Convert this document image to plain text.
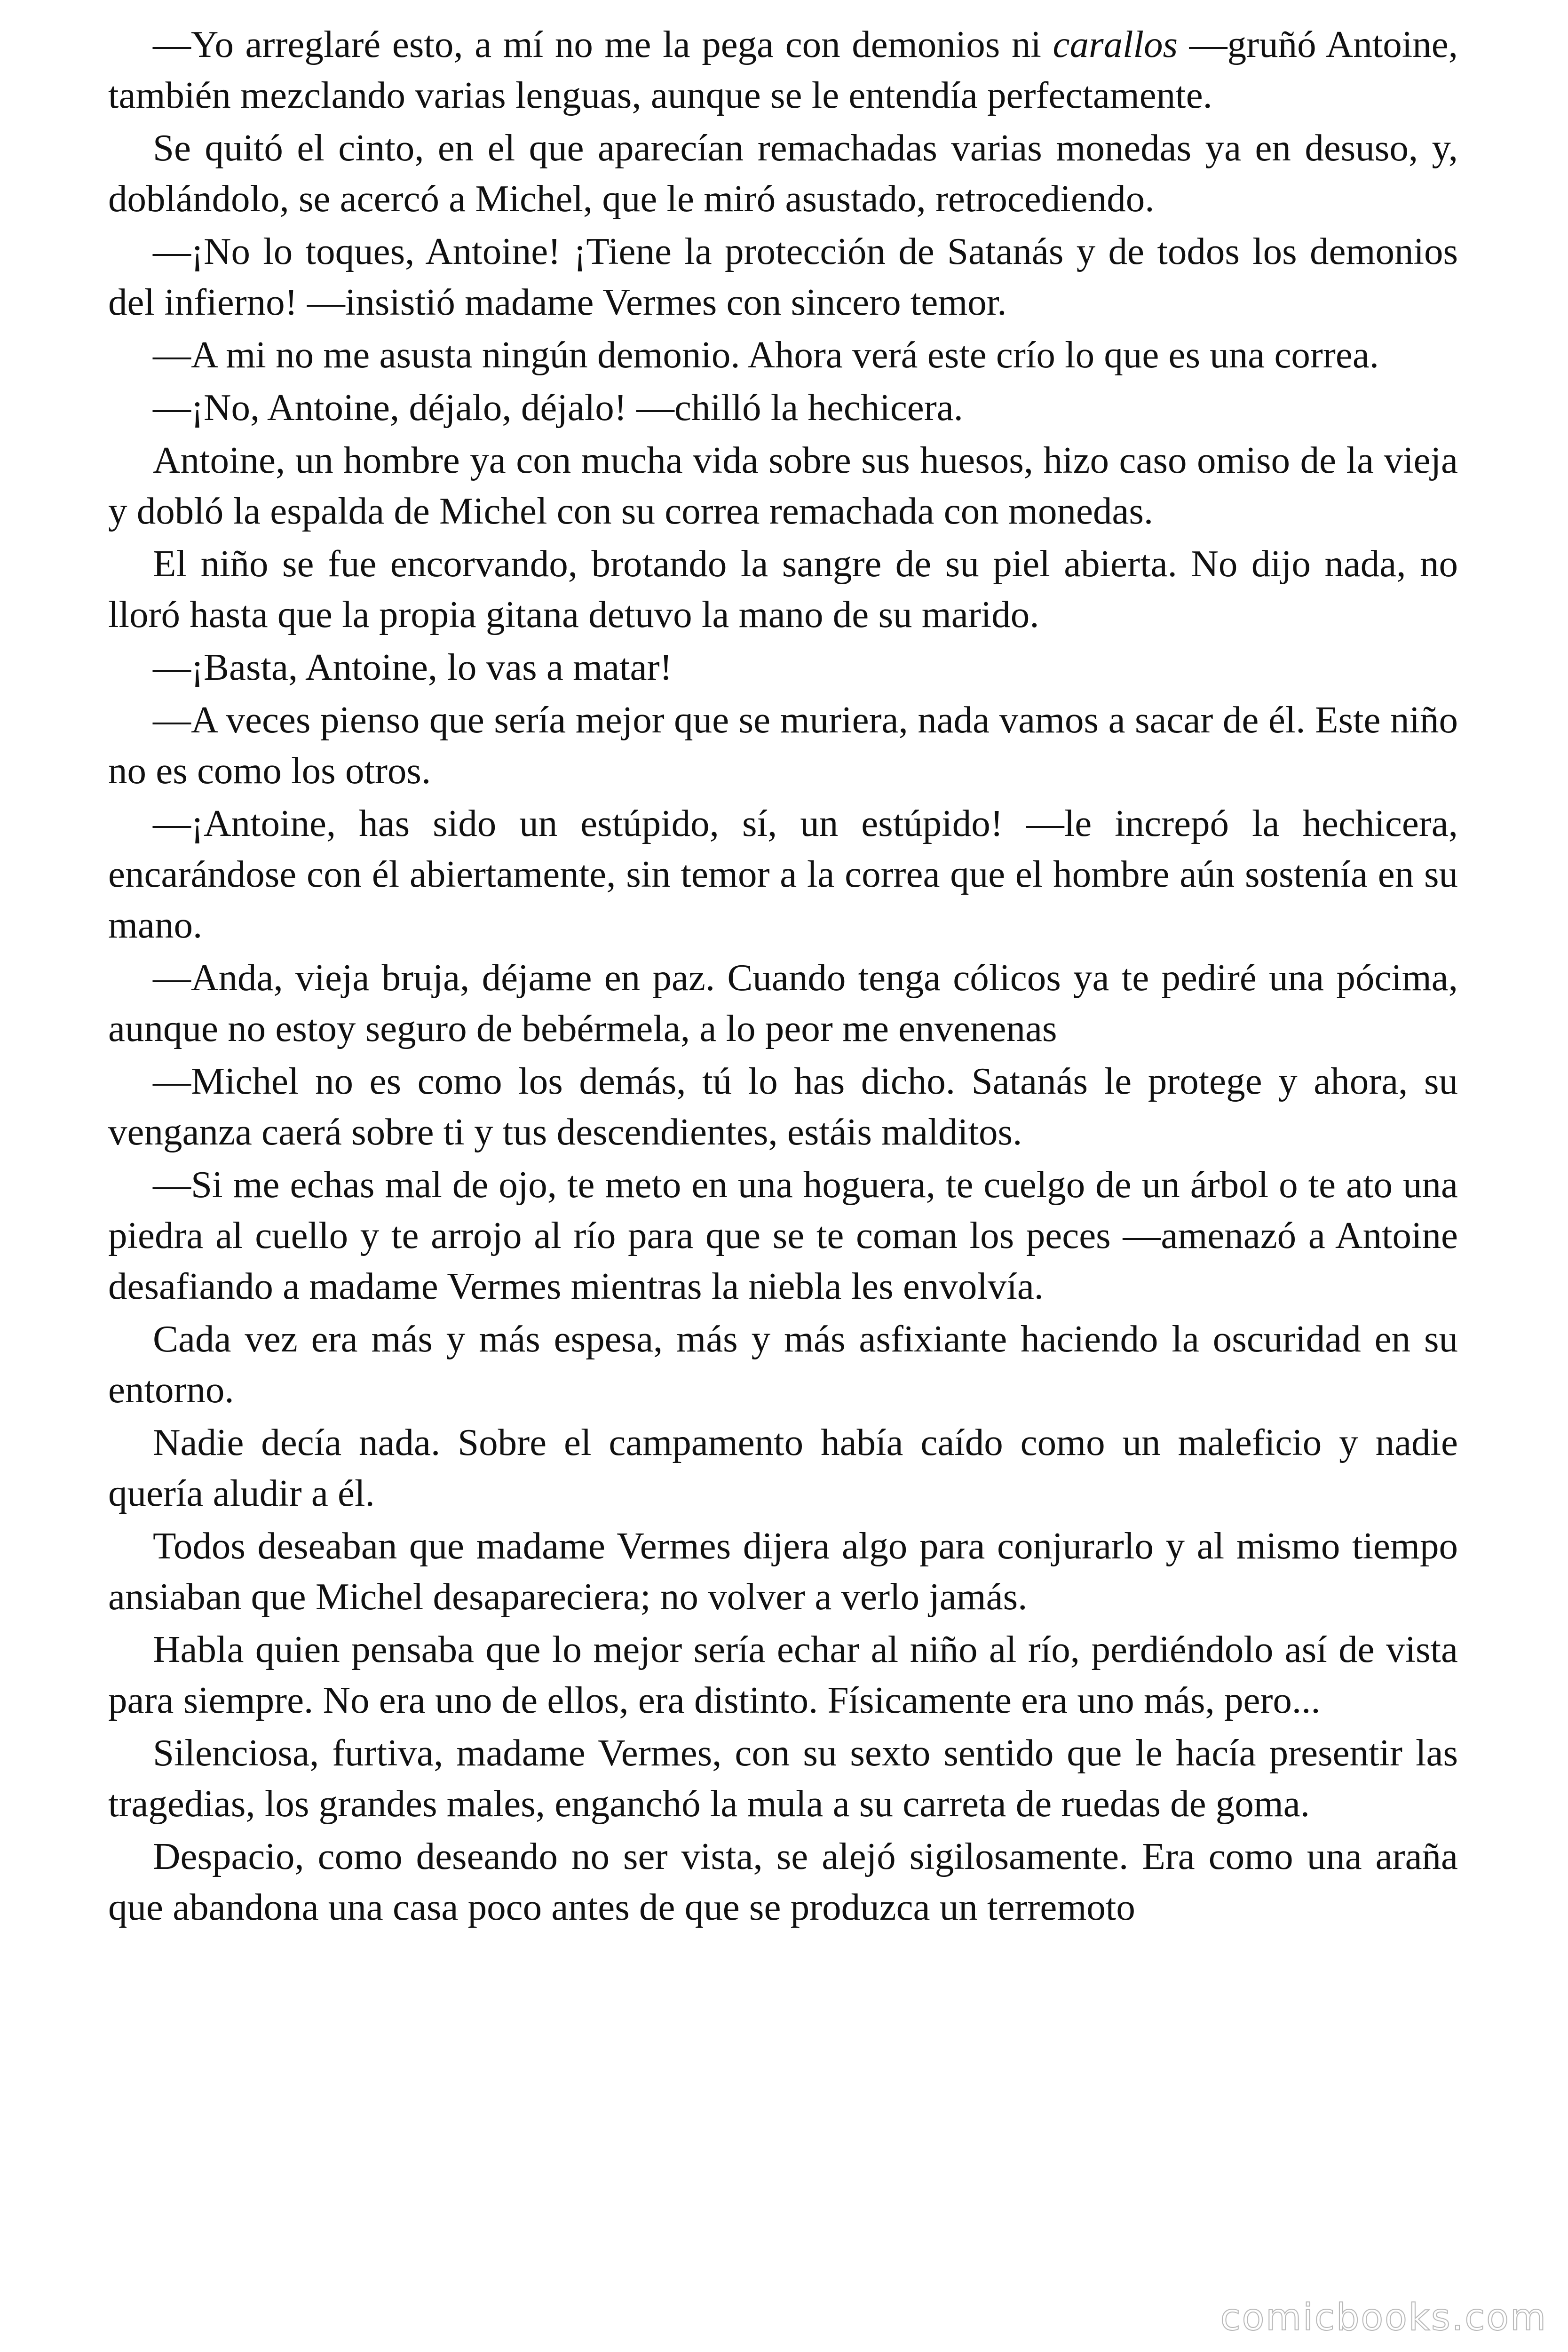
—Yo arreglaré esto, a mí no me la pega con demonios ni carallos —gruñó Antoine, también mezclando varias lenguas, aunque se le entendía perfectamente.

Se quitó el cinto, en el que aparecían remachadas varias monedas ya en desuso, y, doblándolo, se acercó a Michel, que le miró asustado, retrocediendo.

—¡No lo toques, Antoine! ¡Tiene la protección de Satanás y de todos los demonios del infierno! —insistió madame Vermes con sincero temor.

—A mi no me asusta ningún demonio. Ahora verá este crío lo que es una correa.

—¡No, Antoine, déjalo, déjalo! —chilló la hechicera.

Antoine, un hombre ya con mucha vida sobre sus huesos, hizo caso omiso de la vieja y dobló la espalda de Michel con su correa remachada con monedas.

El niño se fue encorvando, brotando la sangre de su piel abierta. No dijo nada, no lloró hasta que la propia gitana detuvo la mano de su marido.

—¡Basta, Antoine, lo vas a matar!

—A veces pienso que sería mejor que se muriera, nada vamos a sacar de él. Este niño no es como los otros.

—¡Antoine, has sido un estúpido, sí, un estúpido! —le increpó la hechicera, encarándose con él abiertamente, sin temor a la correa que el hombre aún sostenía en su mano.

—Anda, vieja bruja, déjame en paz. Cuando tenga cólicos ya te pediré una pócima, aunque no estoy seguro de bebérmela, a lo peor me envenenas

—Michel no es como los demás, tú lo has dicho. Satanás le protege y ahora, su venganza caerá sobre ti y tus descendientes, estáis malditos.

—Si me echas mal de ojo, te meto en una hoguera, te cuelgo de un árbol o te ato una piedra al cuello y te arrojo al río para que se te coman los peces —amenazó a Antoine desafiando a madame Vermes mientras la niebla les envolvía.

Cada vez era más y más espesa, más y más asfixiante haciendo la oscuridad en su entorno.

Nadie decía nada. Sobre el campamento había caído como un maleficio y nadie quería aludir a él.

Todos deseaban que madame Vermes dijera algo para conjurarlo y al mismo tiempo ansiaban que Michel desapareciera; no volver a verlo jamás.

Habla quien pensaba que lo mejor sería echar al niño al río, perdiéndolo así de vista para siempre. No era uno de ellos, era distinto. Físicamente era uno más, pero...

Silenciosa, furtiva, madame Vermes, con su sexto sentido que le hacía presentir las tragedias, los grandes males, enganchó la mula a su carreta de ruedas de goma.

Despacio, como deseando no ser vista, se alejó sigilosamente. Era como una araña que abandona una casa poco antes de que se produzca un terremoto

comicbooks.com
